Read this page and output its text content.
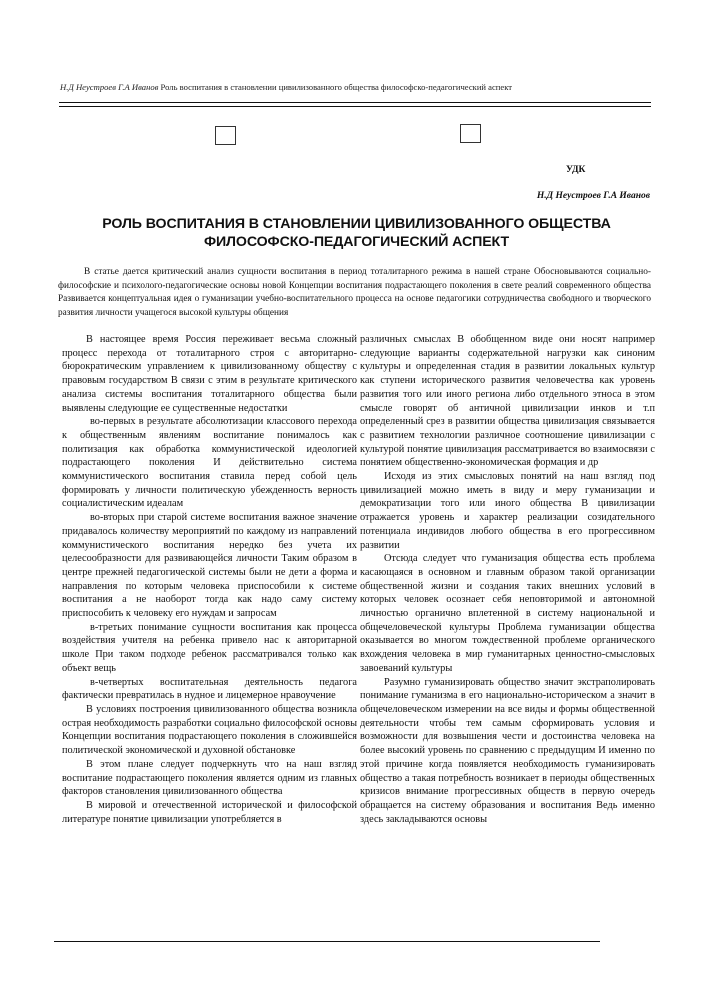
Н.Д Неустроев Г.А Иванов Роль воспитания в становлении цивилизованного общества философско-педагогический аспект
УДК
Н.Д Неустроев Г.А Иванов
РОЛЬ ВОСПИТАНИЯ В СТАНОВЛЕНИИ ЦИВИЛИЗОВАННОГО ОБЩЕСТВА
ФИЛОСОФСКО-ПЕДАГОГИЧЕСКИЙ АСПЕКТ
В статье дается критический анализ сущности воспитания в период тоталитарного режима в нашей стране Обосновываются социально-философские и психолого-педагогические основы новой Концепции воспитания подрастающего поколения в свете реалий современного общества Развивается концептуальная идея о гуманизации учебно-воспитательного процесса на основе педагогики сотрудничества свободного и творческого развития личности учащегося высокой культуры общения

В настоящее время Россия переживает весьма сложный процесс перехода от тоталитарного строя с авторитарно-бюрократическим управлением к цивилизованному обществу с правовым государством В связи с этим в результате критического анализа системы воспитания тоталитарного общества были выявлены следующие ее существенные недостатки

во-первых в результате абсолютизации классового перехода к общественным явлениям воспитание понималось как политизация как обработка коммунистической идеологией подрастающего поколения И действительно система коммунистического воспитания ставила перед собой цель формировать у личности политическую убежденность верность социалистическим идеалам

во-вторых при старой системе воспитания важное значение придавалось количеству мероприятий по каждому из направлений коммунистического воспитания нередко без учета их целесообразности для развивающейся личности Таким образом в центре прежней педагогической системы были не дети а форма и направления по которым человека приспособили к системе воспитания а не наоборот тогда как надо саму систему приспособить к человеку его нуждам и запросам

в-третьих понимание сущности воспитания как процесса воздействия учителя на ребенка привело нас к авторитарной школе При таком подходе ребенок рассматривался только как объект вещь

в-четвертых воспитательная деятельность педагога фактически превратилась в нудное и лицемерное нравоучение

В условиях построения цивилизованного общества возникла острая необходимость разработки социально философской основы Концепции воспитания подрастающего поколения в сложившейся политической экономической и духовной обстановке

В этом плане следует подчеркнуть что на наш взгляд воспитание подрастающего поколения является одним из главных факторов становления цивилизованного общества

В мировой и отечественной исторической и философской литературе понятие цивилизации употребляется в

различных смыслах В обобщенном виде они носят например следующие варианты содержательной нагрузки как синоним культуры и определенная стадия в развитии локальных культур как ступени исторического развития человечества как уровень развития того или иного региона либо отдельного этноса в этом смысле говорят об античной цивилизации инков и т.п определенный срез в развитии общества цивилизация связывается с развитием технологии различное соотношение цивилизации с культурой понятие цивилизация рассматривается во взаимосвязи с понятием общественно-экономическая формация и др

Исходя из этих смысловых понятий на наш взгляд под цивилизацией можно иметь в виду и меру гуманизации и демократизации того или иного общества В цивилизации отражается уровень и характер реализации созидательного потенциала индивидов любого общества в его прогрессивном развитии

Отсюда следует что гуманизация общества есть проблема касающаяся в основном и главным образом такой организации общественной жизни и создания таких внешних условий в которых человек осознает себя неповторимой и автономной личностью органично вплетенной в систему национальной и общечеловеческой культуры Проблема гуманизации общества оказывается во многом тождественной проблеме органического вхождения человека в мир гуманитарных ценностно-смысловых завоеваний культуры

Разумно гуманизировать общество значит экстраполировать понимание гуманизма в его национально-историческом а значит в общечеловеческом измерении на все виды и формы общественной деятельности чтобы тем самым сформировать условия и возможности для возвышения чести и достоинства человека на более высокий уровень по сравнению с предыдущим И именно по этой причине когда появляется необходимость гуманизировать общество а такая потребность возникает в периоды общественных кризисов внимание прогрессивных обществ в первую очередь обращается на систему образования и воспитания Ведь именно здесь закладываются основы
